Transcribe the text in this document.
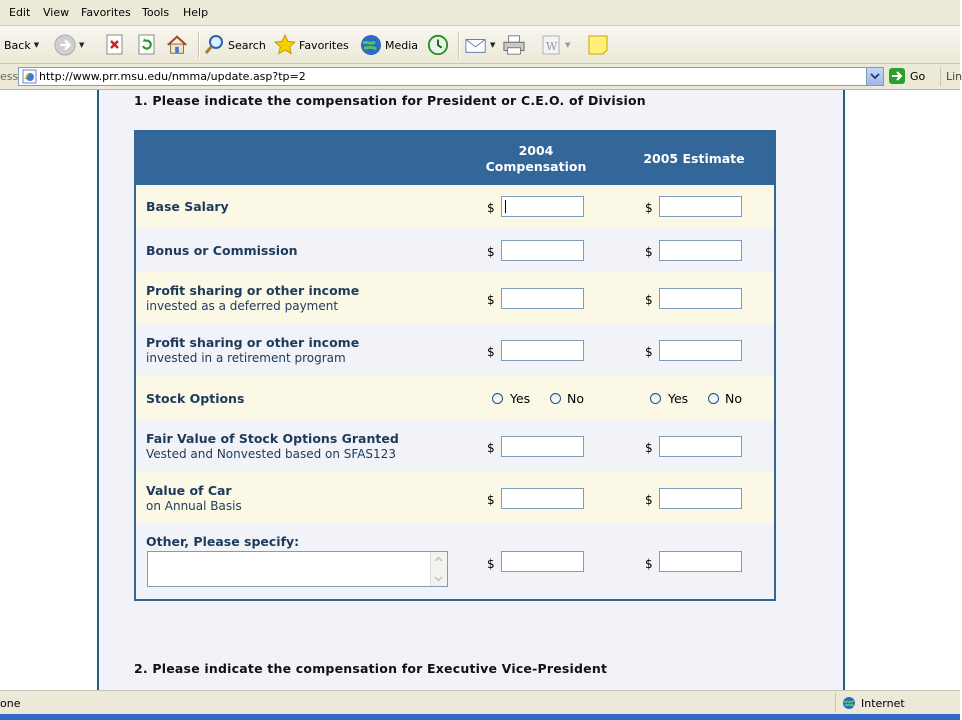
Edit View Favorites Tools Help
Back ▼	▼	Search	Favorites	Media	▼	W ▼
ess http://www.prr.msu.edu/nmma/update.asp?tp=2	Go Lin
1. Please indicate the compensation for President or C.E.O. of Division
2004
Compensation
2005 Estimate
Base Salary	$	$
Bonus or Commission	$	$
Profit sharing or other income
invested as a deferred payment	$	$
Profit sharing or other income
invested in a retirement program	$	$
Stock Options	Yes	No	Yes	No
Fair Value of Stock Options Granted
Vested and Nonvested based on SFAS123	$	$
Value of Car
on Annual Basis	$	$
Other, Please specify:
$	$
2. Please indicate the compensation for Executive Vice-President
one	Internet
